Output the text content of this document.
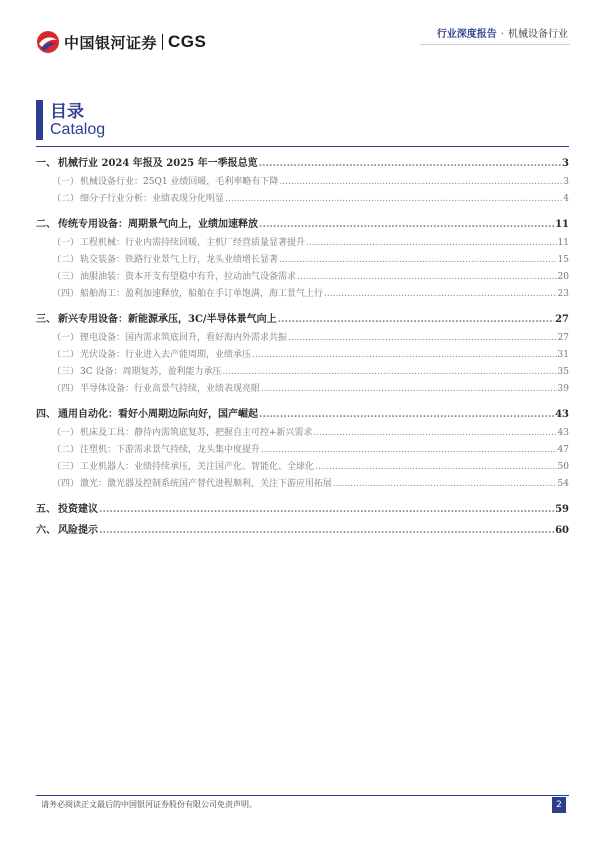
中国银河证券 CGS	行业深度报告 · 机械设备行业
目录
Catalog
一、 机械行业 2024 年报及 2025 年一季报总览 .....	3
（一） 机械设备行业：25Q1 业绩回暖，毛利率略有下降 .....	3
（二） 细分子行业分析：业绩表现分化明显 .....	4
二、 传统专用设备：周期景气向上，业绩加速释放 .....	11
（一） 工程机械：行业内需持续回暖，主机厂经营质量显著提升 .....	11
（二） 轨交装备：铁路行业景气上行，龙头业绩增长显著 .....	15
（三） 油服油装：资本开支有望稳中有升，拉动油气设备需求 .....	20
（四） 船舶海工：盈利加速释放，船舶在手订单饱满，海工景气上行 .....	23
三、 新兴专用设备：新能源承压，3C/半导体景气向上 .....	27
（一） 锂电设备：国内需求筑底回升，看好海内外需求共振 .....	27
（二） 光伏设备：行业进入去产能周期，业绩承压 .....	31
（三） 3C 设备：周期复苏，盈利能力承压 .....	35
（四） 半导体设备：行业高景气持续，业绩表现亮眼 .....	39
四、 通用自动化：看好小周期边际向好，国产崛起 .....	43
（一） 机床及工具：静待内需筑底复苏，把握自主可控+新兴需求 .....	43
（二） 注塑机：下游需求景气持续，龙头集中度提升 .....	47
（三） 工业机器人：业绩持续承压，关注国产化、智能化、全球化 .....	50
（四） 激光：激光器及控制系统国产替代进程顺利，关注下游应用拓展 .....	54
五、 投资建议 .....	59
六、 风险提示 .....	60
请务必阅读正文最后的中国银河证券股份有限公司免责声明。	2
